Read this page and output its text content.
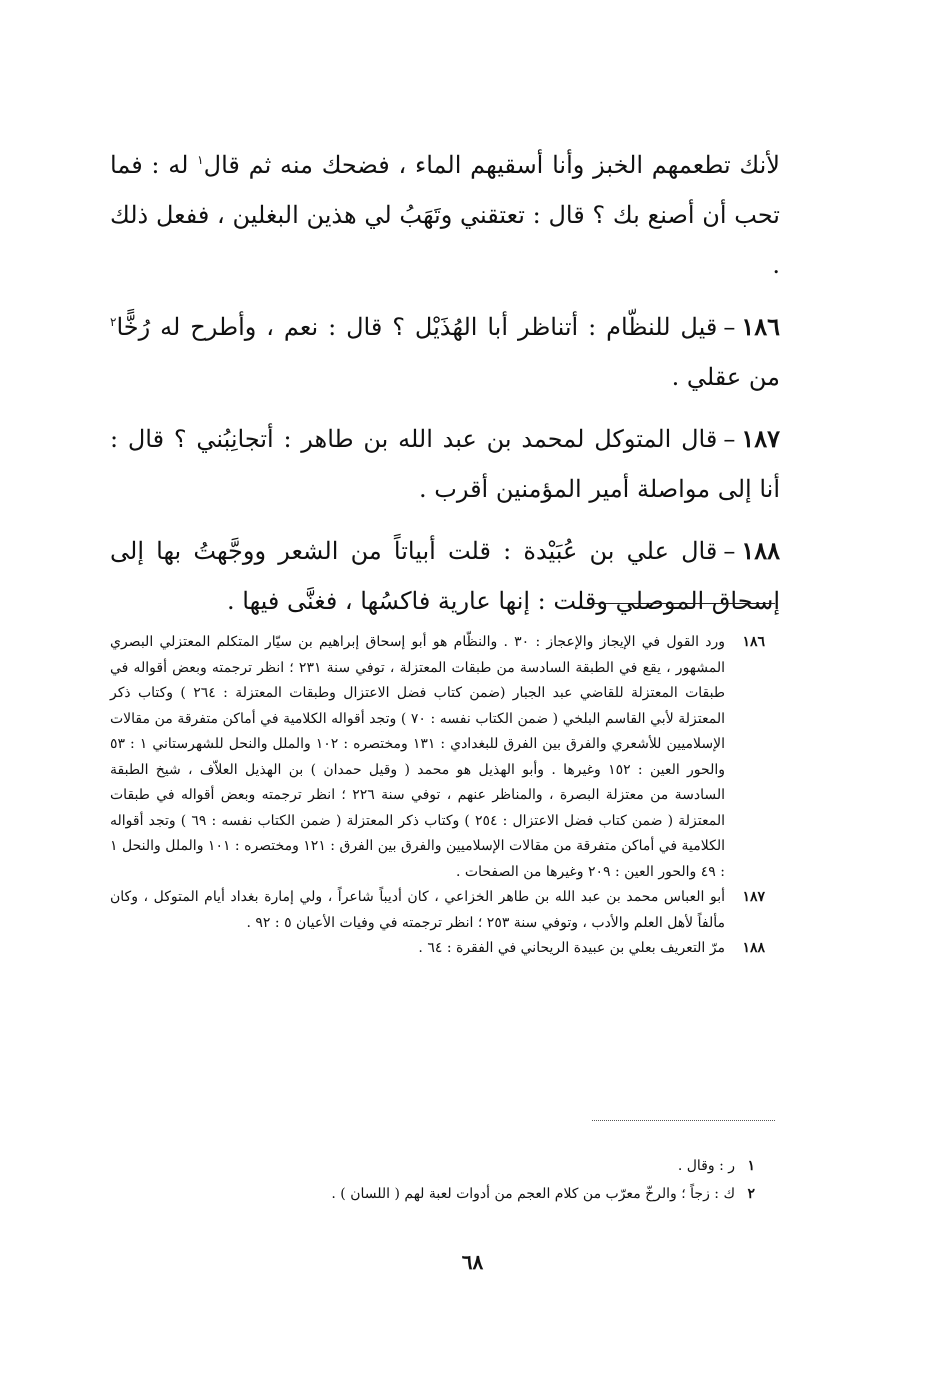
لأنك تطعمهم الخبز وأنا أسقيهم الماء ، فضحك منه ثم قال$^١$ له : فما تحب أن أصنع بك ؟ قال : تعتقني وتَهَبُ لي هذين البغلين ، ففعل ذلك .

١٨٦–قيل للنظّام : أتناظر أبا الهُذَيْل ؟ قال : نعم ، وأطرح له رُخًّا$^٢$ من عقلي .

١٨٧–قال المتوكل لمحمد بن عبد الله بن طاهر : أتجانِبُني ؟ قال : أنا إلى مواصلة أمير المؤمنين أقرب .

١٨٨–قال علي بن عُبَيْدة : قلت أبياتاً من الشعر ووجَّهتُ بها إلى إسحاق الموصلي وقلت : إنها عارية فاكسُها ، فغنَّى فيها .

١٨٦
ورد القول في الإيجاز والإعجاز : ٣٠ . والنظّام هو أبو إسحاق إبراهيم بن سيّار المتكلم المعتزلي البصري المشهور ، يقع في الطبقة السادسة من طبقات المعتزلة ، توفي سنة ٢٣١ ؛ انظر ترجمته وبعض أقواله في طبقات المعتزلة للقاضي عبد الجبار (ضمن كتاب فضل الاعتزال وطبقات المعتزلة : ٢٦٤ ) وكتاب ذكر المعتزلة لأبي القاسم البلخي ( ضمن الكتاب نفسه : ٧٠ ) وتجد أقواله الكلامية في أماكن متفرقة من مقالات الإسلاميين للأشعري والفرق بين الفرق للبغدادي : ١٣١ ومختصره : ١٠٢ والملل والنحل للشهرستاني ١ : ٥٣ والحور العين : ١٥٢ وغيرها . وأبو الهذيل هو محمد ( وقيل حمدان ) بن الهذيل العلاّف ، شيخ الطبقة السادسة من معتزلة البصرة ، والمناظر عنهم ، توفي سنة ٢٢٦ ؛ انظر ترجمته وبعض أقواله في طبقات المعتزلة ( ضمن كتاب فضل الاعتزال : ٢٥٤ ) وكتاب ذكر المعتزلة ( ضمن الكتاب نفسه : ٦٩ ) وتجد أقواله الكلامية في أماكن متفرقة من مقالات الإسلاميين والفرق بين الفرق : ١٢١ ومختصره : ١٠١ والملل والنحل ١ : ٤٩ والحور العين : ٢٠٩ وغيرها من الصفحات .
١٨٧
أبو العباس محمد بن عبد الله بن طاهر الخزاعي ، كان أديباً شاعراً ، ولي إمارة بغداد أيام المتوكل ، وكان مألفاً لأهل العلم والأدب ، وتوفي سنة ٢٥٣ ؛ انظر ترجمته في وفيات الأعيان ٥ : ٩٢ .
١٨٨
مرّ التعريف بعلي بن عبيدة الريحاني في الفقرة : ٦٤ .
١ ر : وقال .
٢ ك : زجاً ؛ والرخّ معرّب من كلام العجم من أدوات لعبة لهم ( اللسان ) .
٦٨
